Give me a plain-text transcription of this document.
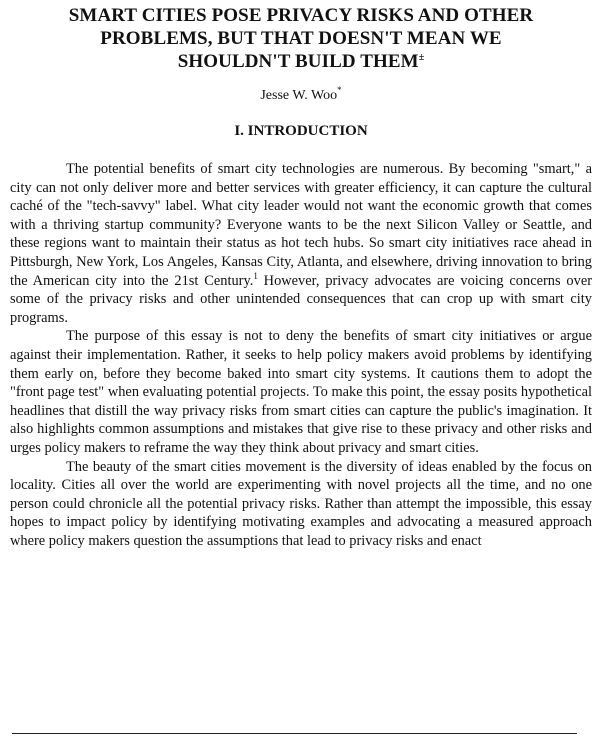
SMART CITIES POSE PRIVACY RISKS AND OTHER
PROBLEMS, BUT THAT DOESN'T MEAN WE
SHOULDN'T BUILD THEM±

Jesse W. Woo*

I. INTRODUCTION

The potential benefits of smart city technologies are numerous. By becoming "smart," a city can not only deliver more and better services with greater efficiency, it can capture the cultural caché of the "tech-savvy" label. What city leader would not want the economic growth that comes with a thriving startup community? Everyone wants to be the next Silicon Valley or Seattle, and these regions want to maintain their status as hot tech hubs. So smart city initiatives race ahead in Pittsburgh, New York, Los Angeles, Kansas City, Atlanta, and elsewhere, driving innovation to bring the American city into the 21st Century.$^1$ However, privacy advocates are voicing concerns over some of the privacy risks and other unintended consequences that can crop up with smart city programs.

The purpose of this essay is not to deny the benefits of smart city initiatives or argue against their implementation. Rather, it seeks to help policy makers avoid problems by identifying them early on, before they become baked into smart city systems. It cautions them to adopt the "front page test" when evaluating potential projects. To make this point, the essay posits hypothetical headlines that distill the way privacy risks from smart cities can capture the public's imagination. It also highlights common assumptions and mistakes that give rise to these privacy and other risks and urges policy makers to reframe the way they think about privacy and smart cities.

The beauty of the smart cities movement is the diversity of ideas enabled by the focus on locality. Cities all over the world are experimenting with novel projects all the time, and no one person could chronicle all the potential privacy risks. Rather than attempt the impossible, this essay hopes to impact policy by identifying motivating examples and advocating a measured approach where policy makers question the assumptions that lead to privacy risks and enact
